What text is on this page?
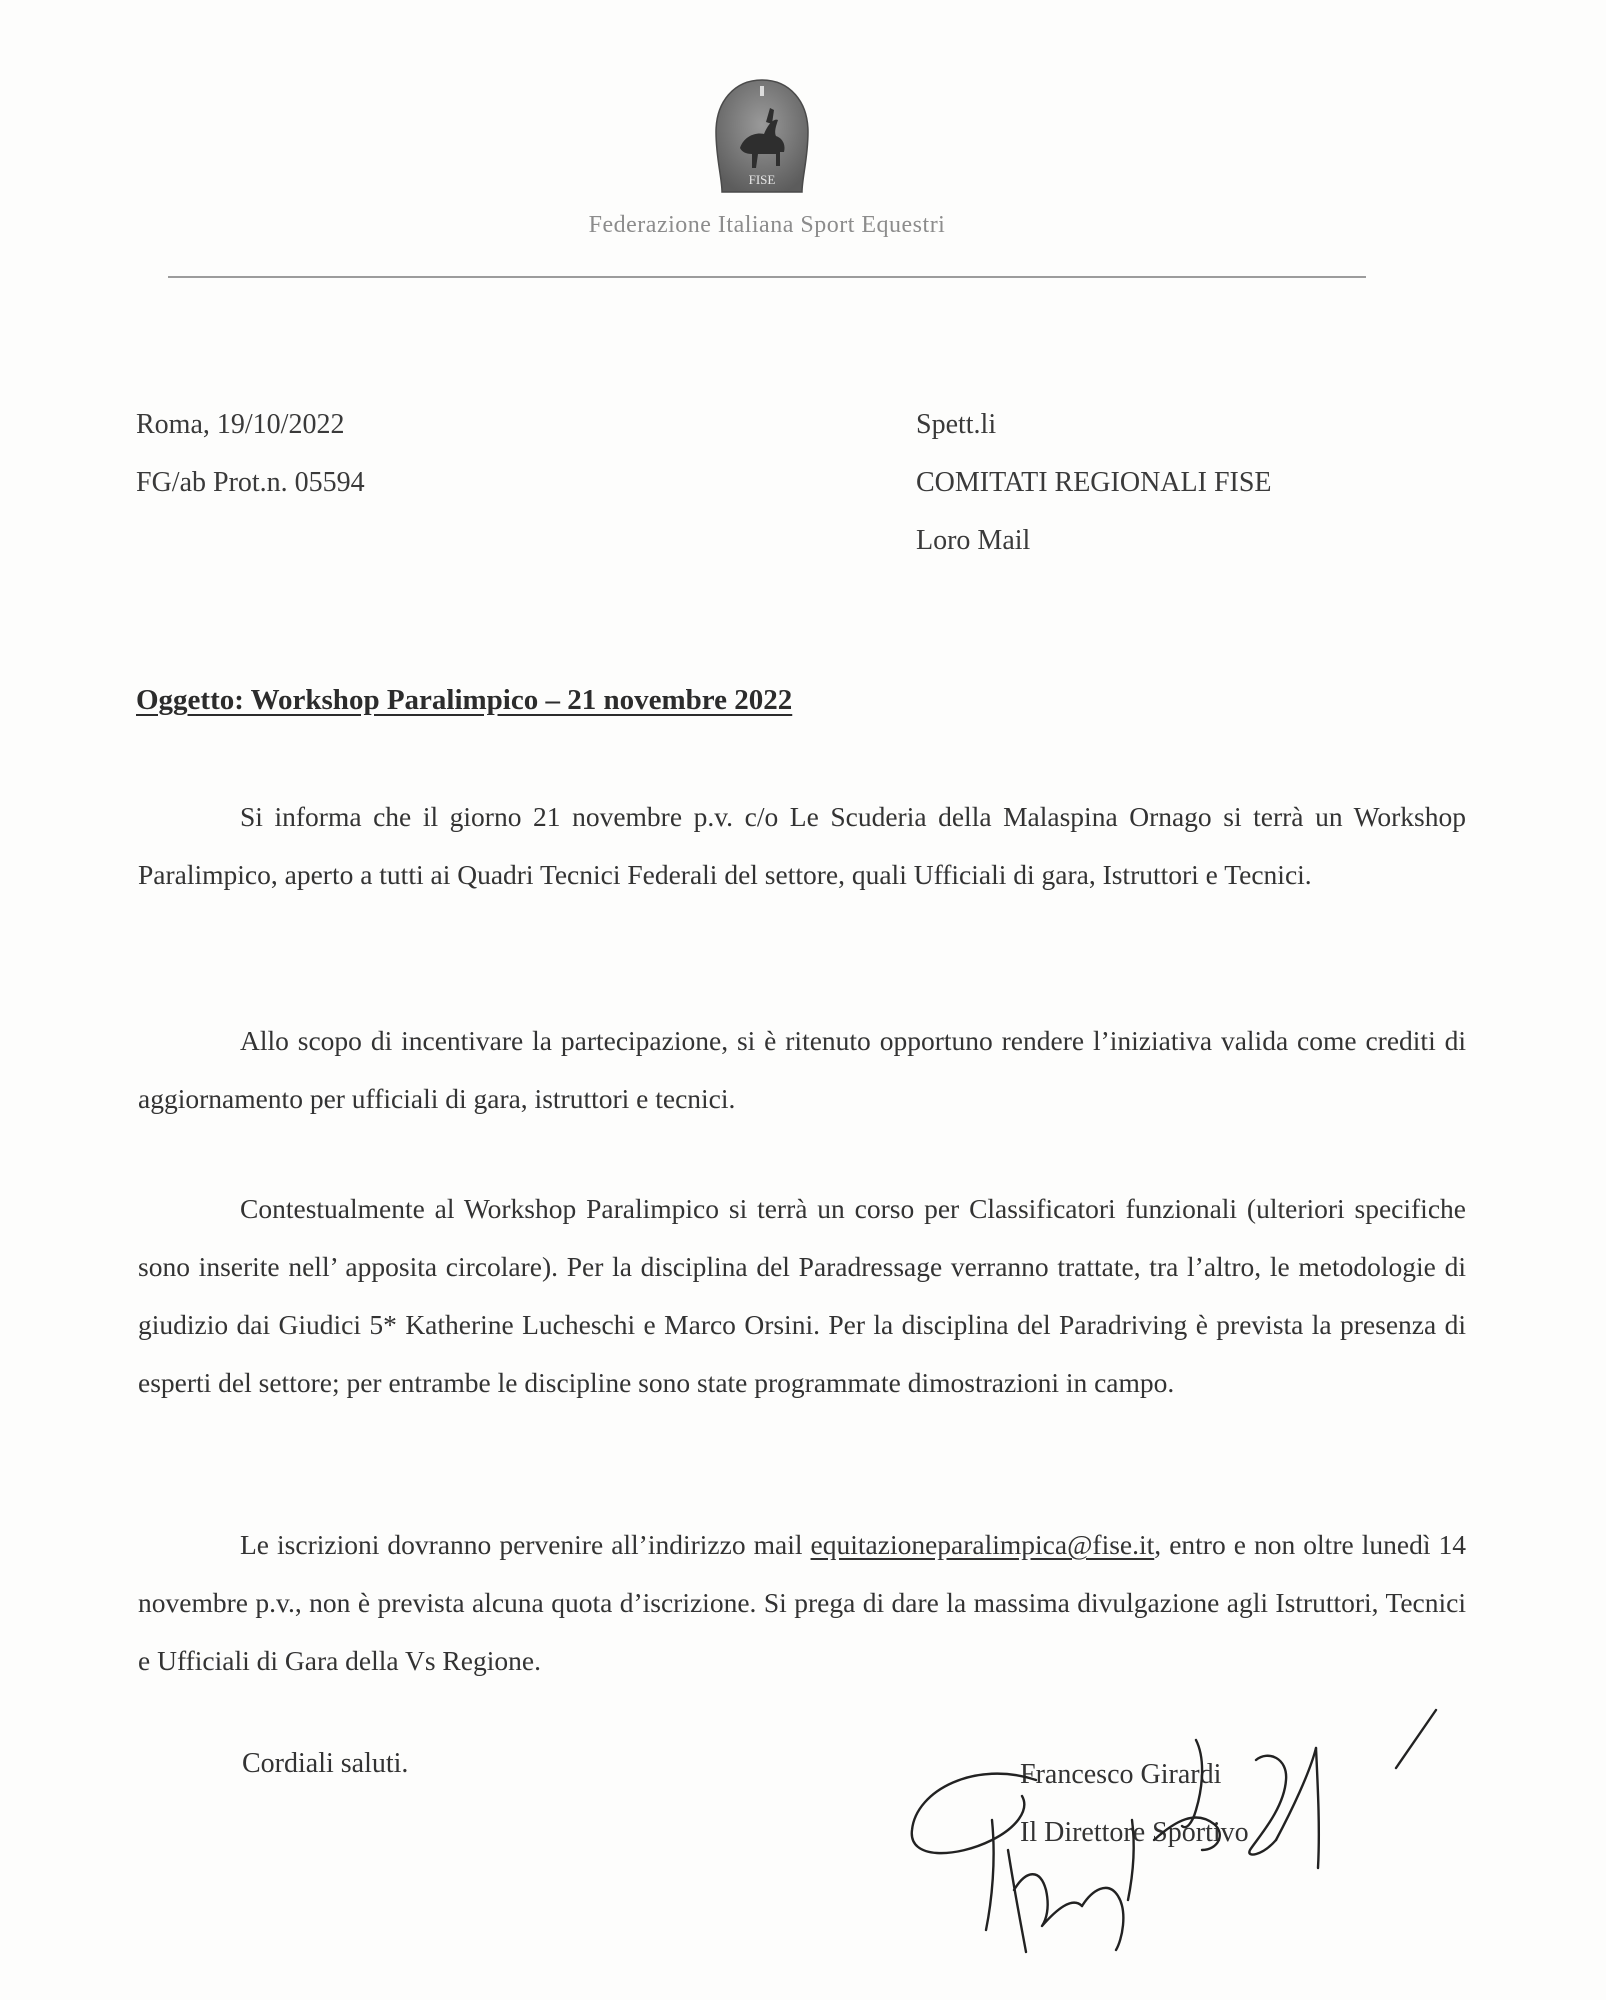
FISE
Federazione Italiana Sport Equestri
Roma, 19/10/2022
FG/ab Prot.n. 05594
Spett.li
COMITATI REGIONALI FISE
Loro Mail
Oggetto: Workshop Paralimpico – 21 novembre 2022

Si informa che il giorno 21 novembre p.v. c/o Le Scuderia della Malaspina Ornago si terrà un Workshop Paralimpico, aperto a tutti ai Quadri Tecnici Federali del settore, quali Ufficiali di gara, Istruttori e Tecnici.

Allo scopo di incentivare la partecipazione, si è ritenuto opportuno rendere l’iniziativa valida come crediti di aggiornamento per ufficiali di gara, istruttori e tecnici.

Contestualmente al Workshop Paralimpico si terrà un corso per Classificatori funzionali (ulteriori specifiche sono inserite nell’ apposita circolare). Per la disciplina del Paradressage verranno trattate, tra l’altro, le metodologie di giudizio dai Giudici 5* Katherine Lucheschi e Marco Orsini. Per la disciplina del Paradriving è prevista la presenza di esperti del settore; per entrambe le discipline sono state programmate dimostrazioni in campo.

Le iscrizioni dovranno pervenire all’indirizzo mail equitazioneparalimpica@fise.it, entro e non oltre lunedì 14 novembre p.v., non è prevista alcuna quota d’iscrizione. Si prega di dare la massima divulgazione agli Istruttori, Tecnici e Ufficiali di Gara della Vs Regione.

Cordiali saluti.	Francesco Girardi
Il Direttore Sportivo
